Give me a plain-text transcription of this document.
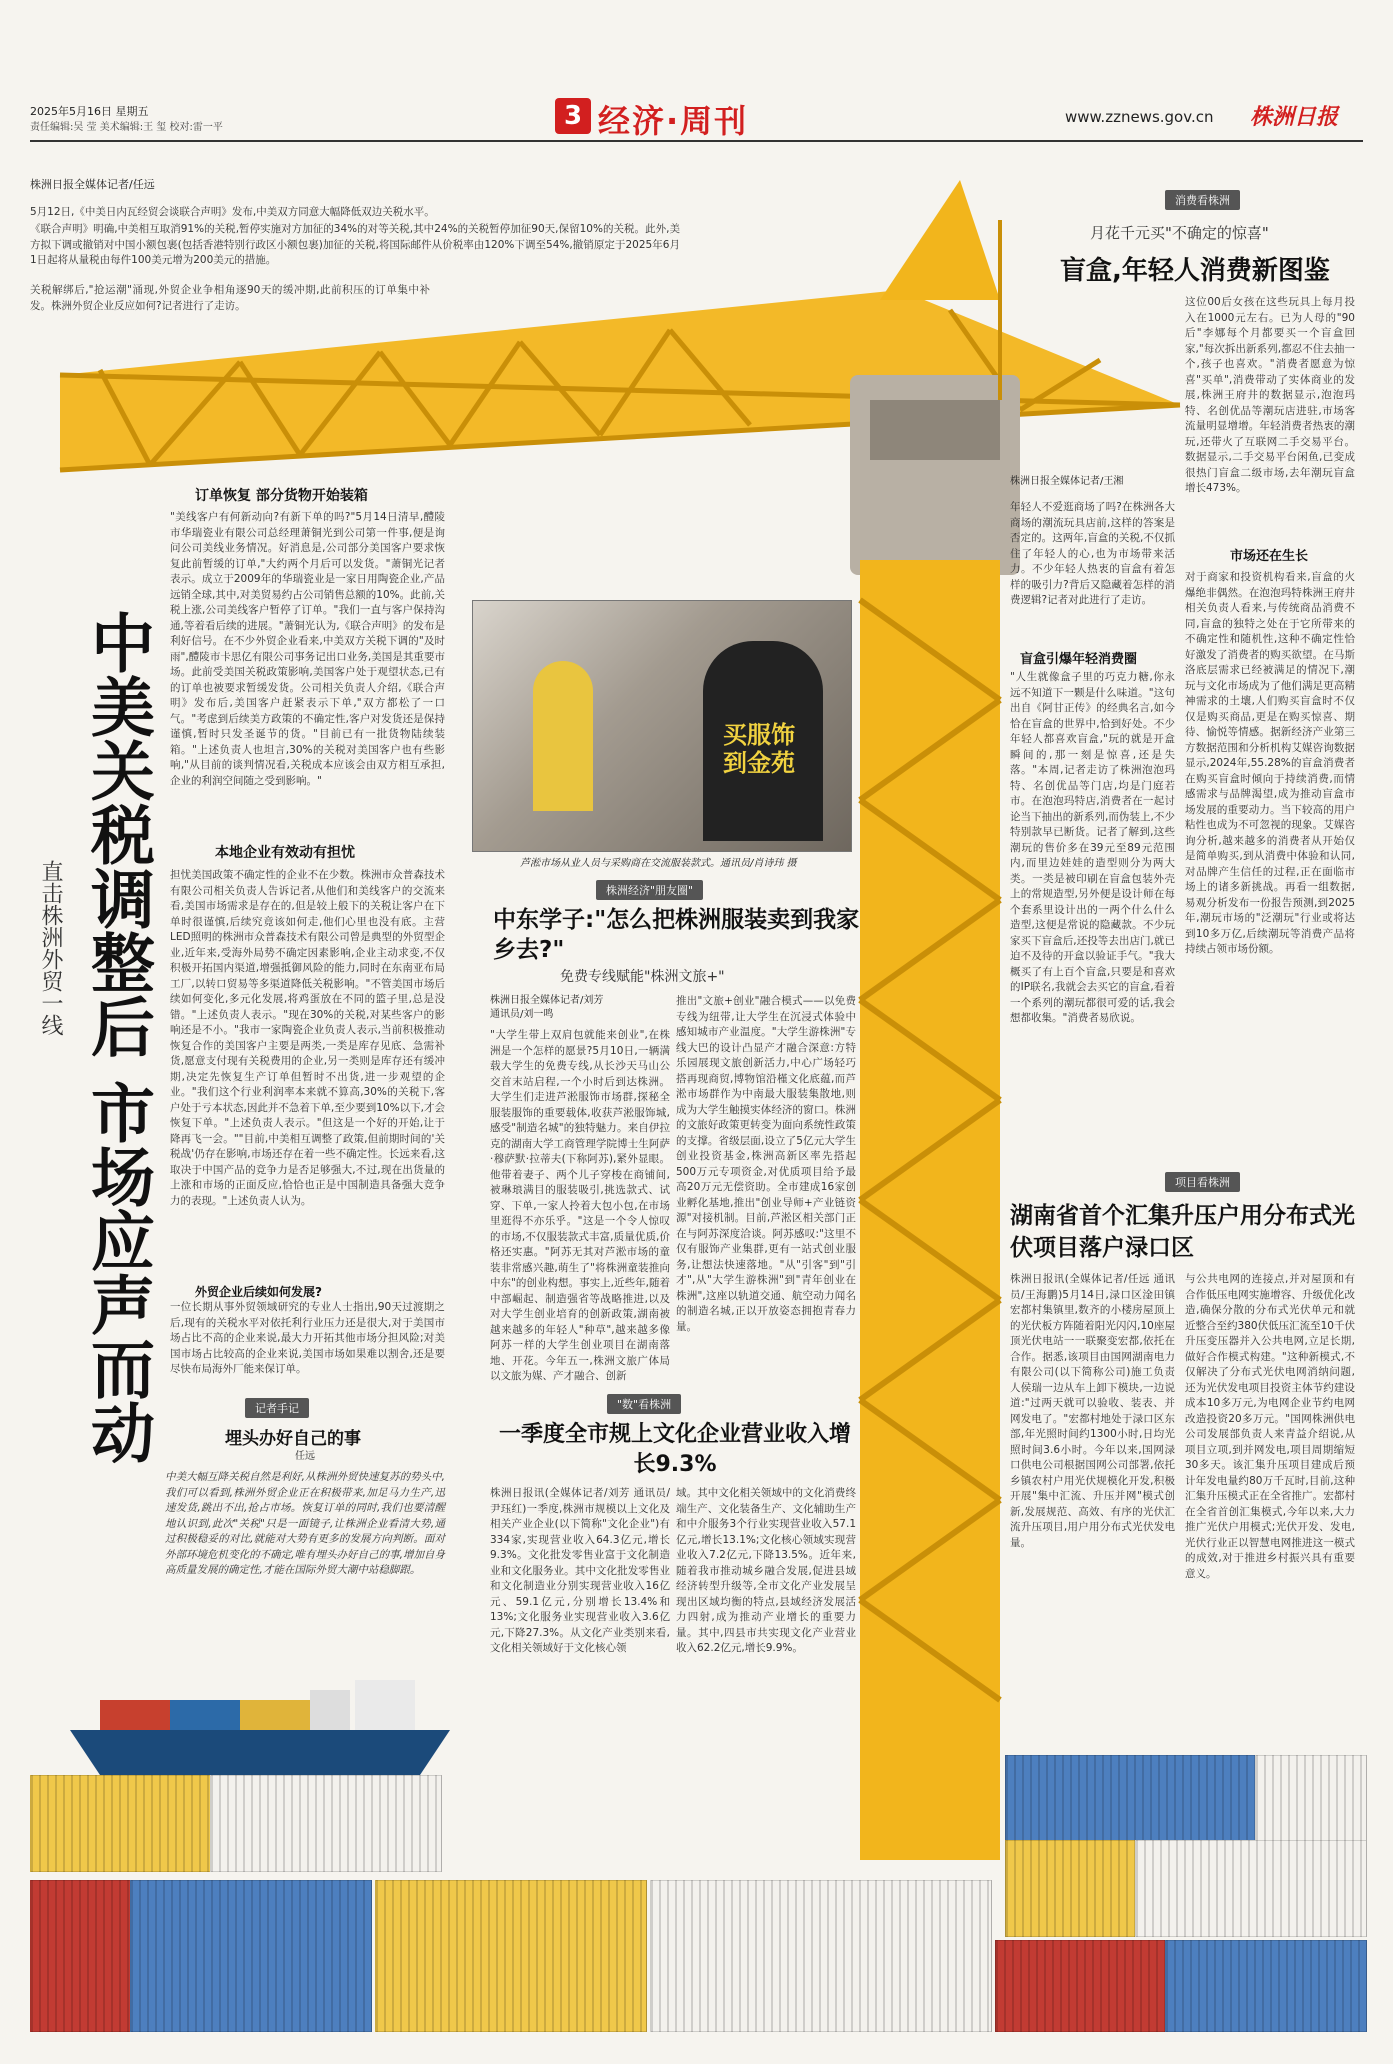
2025年5月16日 星期五
责任编辑:吴 莹 美术编辑:王 玺 校对:雷一平	3 经济·周刊	www.zznews.gov.cn 株洲日报
株洲日报全媒体记者/任远
5月12日,《中美日内瓦经贸会谈联合声明》发布,中美双方同意大幅降低双边关税水平。
《联合声明》明确,中美相互取消91%的关税,暂停实施对方加征的34%的对等关税,其中24%的关税暂停加征90天,保留10%的关税。此外,美方拟下调或撤销对中国小额包裹(包括香港特别行政区小额包裹)加征的关税,将国际邮件从价税率由120%下调至54%,撤销原定于2025年6月1日起将从量税由每件100美元增为200美元的措施。
关税解绑后,"抢运潮"涌现,外贸企业争相角逐90天的缓冲期,此前积压的订单集中补发。株洲外贸企业反应如何?记者进行了走访。
中美关税调整后 市场应声而动
直击株洲外贸一线
订单恢复 部分货物开始装箱
"美线客户有何新动向?有新下单的吗?"5月14日清早,醴陵市华瑞瓷业有限公司总经理萧铜光到公司第一件事,便是询问公司美线业务情况。好消息是,公司部分美国客户要求恢复此前暂缓的订单,"大约两个月后可以发货。"萧铜光记者表示。成立于2009年的华瑞瓷业是一家日用陶瓷企业,产品远销全球,其中,对美贸易约占公司销售总额的10%。此前,关税上涨,公司美线客户暂停了订单。"我们一直与客户保持沟通,等着看后续的进展。"萧铜光认为,《联合声明》的发布是利好信号。在不少外贸企业看来,中美双方关税下调的"及时雨",醴陵市卡思亿有限公司事务记出口业务,美国是其重要市场。此前受美国关税政策影响,美国客户处于观望状态,已有的订单也被要求暂缓发货。公司相关负责人介绍,《联合声明》发布后,美国客户赶紧表示下单,"双方都松了一口气。"考虑到后续美方政策的不确定性,客户对发货还是保持谨慎,暂时只发圣诞节的货。"目前已有一批货物陆续装箱。"上述负责人也坦言,30%的关税对美国客户也有些影响,"从目前的谈判情况看,关税成本应该会由双方相互承担,企业的利润空间随之受到影响。"
本地企业有效动有担忧
担忧美国政策不确定性的企业不在少数。株洲市众普森技术有限公司相关负责人告诉记者,从他们和美线客户的交流来看,美国市场需求是存在的,但是较上般下的关税让客户在下单时很谨慎,后续究竟该如何走,他们心里也没有底。主营LED照明的株洲市众普森技术有限公司曾是典型的外贸型企业,近年来,受海外局势不确定因素影响,企业主动求变,不仅积极开拓国内渠道,增强抵御风险的能力,同时在东南亚布局工厂,以转口贸易等多渠道降低关税影响。"不管美国市场后续如何变化,多元化发展,将鸡蛋放在不同的篮子里,总是没错。"上述负责人表示。"现在30%的关税,对某些客户的影响还是不小。"我市一家陶瓷企业负责人表示,当前积极推动恢复合作的美国客户主要是两类,一类是库存见底、急需补货,愿意支付现有关税费用的企业,另一类则是库存还有缓冲期,决定先恢复生产订单但暂时不出货,进一步观望的企业。"我们这个行业利润率本来就不算高,30%的关税下,客户处于亏本状态,因此并不急着下单,至少要到10%以下,才会恢复下单。"上述负责人表示。"但这是一个好的开始,让于降再飞一会。""目前,中美相互调整了政策,但前期时间的'关税战'仍存在影响,市场还存在着一些不确定性。长远来看,这取决于中国产品的竞争力是否足够强大,不过,现在出货量的上涨和市场的正面反应,恰恰也正是中国制造具备强大竞争力的表现。"上述负责人认为。
外贸企业后续如何发展?
一位长期从事外贸领域研究的专业人士指出,90天过渡期之后,现有的关税水平对依托利行业压力还是很大,对于美国市场占比不高的企业来说,最大力开拓其他市场分担风险;对美国市场占比较高的企业来说,美国市场如果难以割舍,还是要尽快布局海外厂能来保订单。
记者手记
埋头办好自己的事
任远
中美大幅互降关税自然是利好,从株洲外贸快速复苏的势头中,我们可以看到,株洲外贸企业正在积极带来,加足马力生产,迅速发货,跳出不出,抢占市场。恢复订单的同时,我们也要清醒地认识到,此次"关税"只是一面镜子,让株洲企业看清大势,通过积极稳妥的对比,就能对大势有更多的发展方向判断。面对外部环境危机变化的不确定,唯有埋头办好自己的事,增加自身高质量发展的确定性,才能在国际外贸大潮中站稳脚跟。
买服饰 到金苑
芦淞市场从业人员与采购商在交流服装款式。通讯员/肖诗玮 摄
株洲经济"朋友圈"
中东学子:"怎么把株洲服装卖到我家乡去?"
免费专线赋能"株洲文旅+"
株洲日报全媒体记者/刘芳 通讯员/刘一鸣
"大学生带上双肩包就能来创业",在株洲是一个怎样的愿景?5月10日,一辆满载大学生的免费专线,从长沙天马山公交首末站启程,一个小时后到达株洲。大学生们走进芦淞服饰市场群,探秘全服装服饰的重要载体,收获芦淞服饰城,感受"制造名城"的独特魅力。来自伊拉克的湖南大学工商管理学院博士生阿萨·穆萨默·拉蒂夫(下称阿苏),紧外显眼。他带着妻子、两个儿子穿梭在商铺间,被琳琅满目的服装吸引,挑选款式、试穿、下单,一家人拎着大包小包,在市场里逛得不亦乐乎。"这是一个令人惊叹的市场,不仅服装款式丰富,质量优质,价格还实惠。"阿苏无其对芦淞市场的童装非常感兴趣,萌生了"将株洲童装推向中东"的创业构想。事实上,近些年,随着中部崛起、制造强省等战略推进,以及对大学生创业培育的创新政策,湖南被越来越多的年轻人"种草",越来越多像阿苏一样的大学生创业项目在湖南落地、开花。今年五一,株洲文旅广体局以文旅为媒、产才融合、创新
推出"文旅+创业"融合模式——以免费专线为纽带,让大学生在沉浸式体验中感知城市产业温度。"大学生游株洲"专线大巴的设计凸显产才融合深意:方特乐园展现文旅创新活力,中心广场轻巧搭再现商贸,博物馆沿槿文化底蕴,而芦淞市场群作为中南最大服装集散地,则成为大学生触摸实体经济的窗口。株洲的文旅好政策更转变为面向系统性政策的支撑。省级层面,设立了5亿元大学生创业投资基金,株洲高新区率先搭起500万元专项资金,对优质项目给予最高20万元无偿资助。全市建成16家创业孵化基地,推出"创业导师+产业链资源"对接机制。目前,芦淞区相关部门正在与阿苏深度洽谈。阿苏感叹:"这里不仅有服饰产业集群,更有一站式创业服务,让想法快速落地。"从"引客"到"引才",从"大学生游株洲"到"青年创业在株洲",这座以轨道交通、航空动力闻名的制造名城,正以开放姿态拥抱青春力量。
"数"看株洲
一季度全市规上文化企业营业收入增长9.3%
株洲日报讯(全媒体记者/刘芳 通讯员/尹珏红)一季度,株洲市规模以上文化及相关产业企业(以下简称"文化企业")有334家,实现营业收入64.3亿元,增长9.3%。文化批发零售业富于文化制造业和文化服务业。其中文化批发零售业和文化制造业分别实现营业收入16亿元、59.1亿元,分别增长13.4%和13%;文化服务业实现营业收入3.6亿元,下降27.3%。从文化产业类别来看,文化相关领域好于文化核心领
域。其中文化相关领域中的文化消费终端生产、文化装备生产、文化辅助生产和中介服务3个行业实现营业收入57.1亿元,增长13.1%;文化核心领域实现营业收入7.2亿元,下降13.5%。近年来,随着我市推动城乡融合发展,促进县域经济转型升级等,全市文化产业发展呈现出区域均衡的特点,县域经济发展活力四射,成为推动产业增长的重要力量。其中,四县市共实现文化产业营业收入62.2亿元,增长9.9%。
消费看株洲
月花千元买"不确定的惊喜"
盲盒,年轻人消费新图鉴
这位00后女孩在这些玩具上每月投入在1000元左右。已为人母的"90后"李娜每个月都要买一个盲盒回家,"每次拆出新系列,都忍不住去抽一个,孩子也喜欢。"消费者愿意为惊喜"买单",消费带动了实体商业的发展,株洲王府井的数据显示,泡泡玛特、名创优品等潮玩店进驻,市场客流量明显增增。年轻消费者热衷的潮玩,还带火了互联网二手交易平台。数据显示,二手交易平台闲鱼,已变成很热门盲盒二级市场,去年潮玩盲盒增长473%。
株洲日报全媒体记者/王湘
年轻人不爱逛商场了吗?在株洲各大商场的潮流玩具店前,这样的答案是否定的。这两年,盲盒的关税,不仅抓住了年轻人的心,也为市场带来活力。不少年轻人热衷的盲盒有着怎样的吸引力?背后又隐藏着怎样的消费逻辑?记者对此进行了走访。
盲盒引爆年轻消费圈
"人生就像盒子里的巧克力糖,你永远不知道下一颗是什么味道。"这句出自《阿甘正传》的经典名言,如今恰在盲盒的世界中,恰到好处。不少年轻人都喜欢盲盒,"玩的就是开盒瞬间的,那一刻是惊喜,还是失落。"本周,记者走访了株洲泡泡玛特、名创优品等门店,均是门庭若市。在泡泡玛特店,消费者在一起讨论当下抽出的新系列,而伪装上,不少特别款早已断货。记者了解到,这些潮玩的售价多在39元至89元范围内,而里边娃娃的造型则分为两大类。一类是被印刷在盲盒包装外壳上的常规造型,另外便是设计师在每个套系里设计出的一两个什么什么造型,这便是常说的隐藏款。不少玩家买下盲盒后,还投等去出店门,就已迫不及待的开盒以验证手气。"我大概买了有上百个盲盒,只要是和喜欢的IP联名,我就会去买它的盲盒,看着一个系列的潮玩都很可爱的话,我会想都收集。"消费者易欣说。
市场还在生长
对于商家和投资机构看来,盲盒的火爆绝非偶然。在泡泡玛特株洲王府井相关负责人看来,与传统商品消费不同,盲盒的独特之处在于它所带来的不确定性和随机性,这种不确定性恰好激发了消费者的购买欲望。在马斯洛底层需求已经被满足的情况下,潮玩与文化市场成为了他们满足更高精神需求的土壤,人们购买盲盒时不仅仅是购买商品,更是在购买惊喜、期待、愉悦等情感。据新经济产业第三方数据范围和分析机构艾媒咨询数据显示,2024年,55.28%的盲盒消费者在购买盲盒时倾向于持续消费,而情感需求与品牌渴望,成为推动盲盒市场发展的重要动力。当下较高的用户粘性也成为不可忽视的现象。艾媒咨询分析,越来越多的消费者从开始仅是简单购买,到从消费中体验和认同,对品牌产生信任的过程,正在面临市场上的诸多新挑战。再看一组数据,易观分析发布一份报告预测,到2025年,潮玩市场的"泛潮玩"行业或将达到10多万亿,后续潮玩等消费产品将持续占领市场份额。
项目看株洲
湖南省首个汇集升压户用分布式光伏项目落户渌口区
株洲日报讯(全媒体记者/任远 通讯员/王海鹏)5月14日,渌口区淦田镇宏都村集镇里,数齐的小楼房屋顶上的光伏板方阵随着阳光闪闪,10座屋顶光伏电站一一联聚变宏都,依托在合作。据悉,该项目由国网湖南电力有限公司(以下简称公司)施工负责人侯瑞一边从车上卸下模块,一边说道:"过两天就可以验收、装表、并网发电了。"宏都村地处于渌口区东部,年光照时间约1300小时,日均光照时间3.6小时。今年以来,国网渌口供电公司根据国网公司部署,依托乡镇农村户用光伏规模化开发,积极开展"集中汇流、升压并网"模式创新,发展规范、高效、有序的光伏汇流升压项目,用户用分布式光伏发电量。
与公共电网的连接点,并对屋顶和有合作低压电网实施增容、升级优化改造,确保分散的分布式光伏单元和就近整合至约380伏低压汇流至10千伏升压变压器并入公共电网,立足长期,做好合作模式构建。"这种新模式,不仅解决了分布式光伏电网消纳问题,还为光伏发电项目投资主体节约建设成本10多万元,为电网企业节约电网改造投资20多万元。"国网株洲供电公司发展部负责人来青益介绍说,从项目立项,到并网发电,项目周期缩短30多天。该汇集升压项目建成后预计年发电量约80万千瓦时,目前,这种汇集升压模式正在全省推广。宏都村在全省首创汇集模式,今年以来,大力推广光伏户用模式;光伏开发、发电,光伏行业正以智慧电网推进这一模式的成效,对于推进乡村振兴具有重要意义。
